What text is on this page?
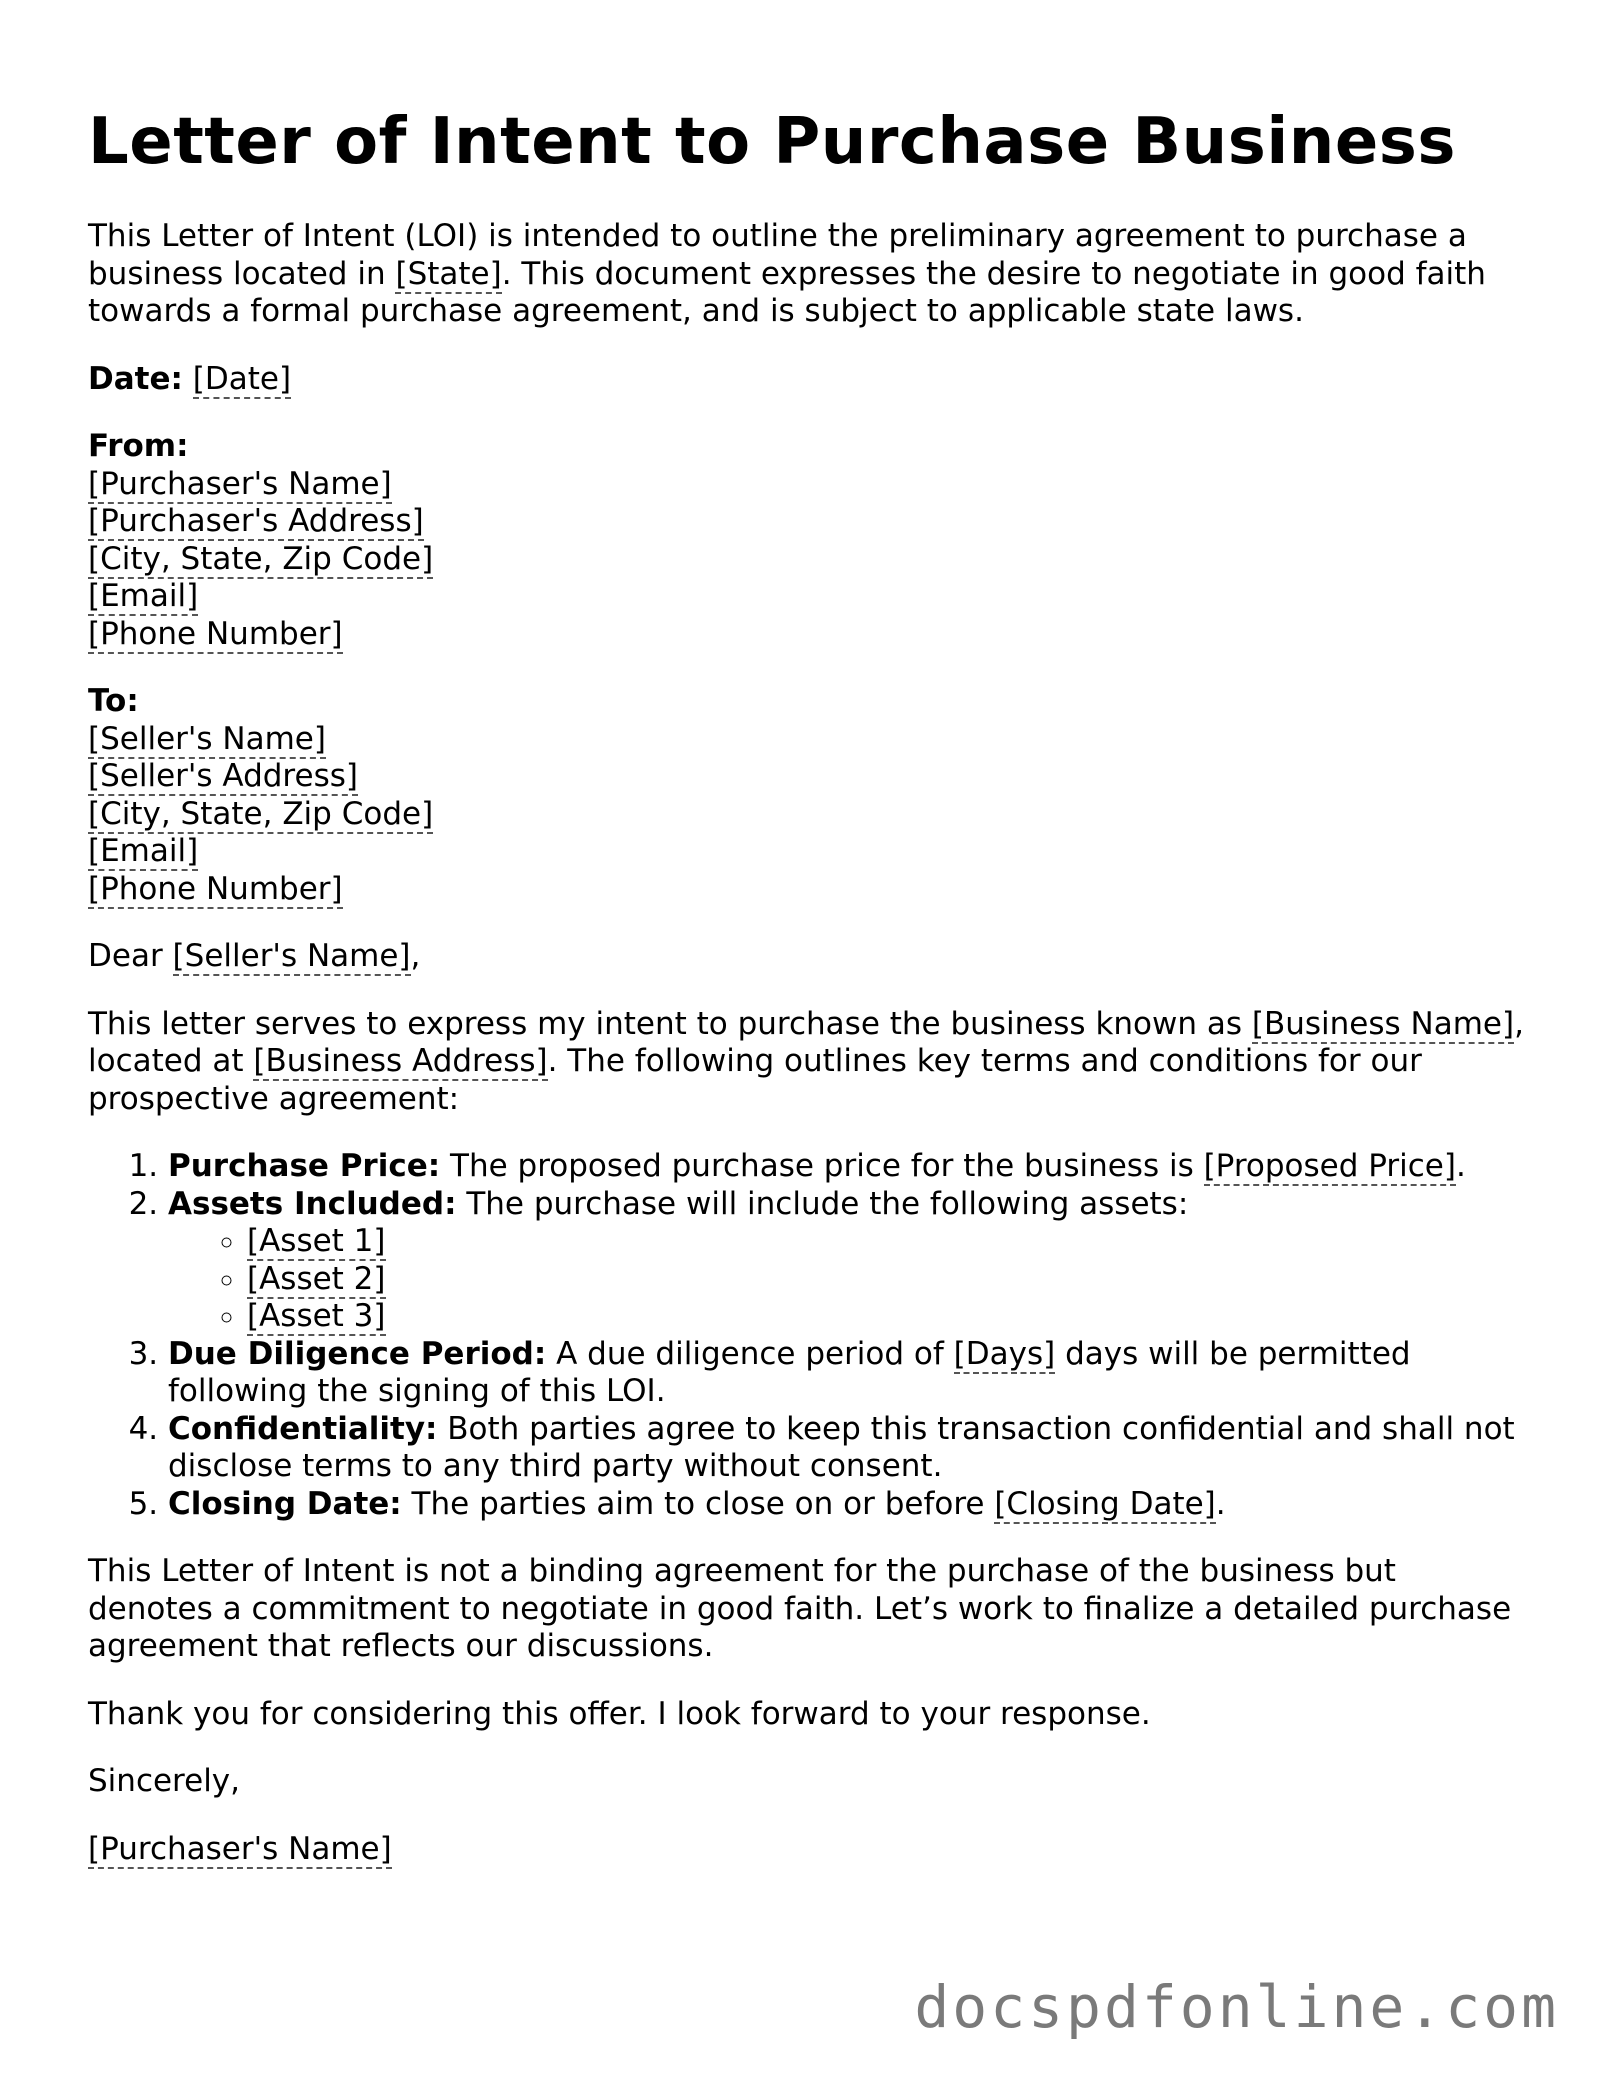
Letter of Intent to Purchase Business

This Letter of Intent (LOI) is intended to outline the preliminary agreement to purchase a business located in [State]. This document expresses the desire to negotiate in good faith towards a formal purchase agreement, and is subject to applicable state laws.

Date: [Date]

From:
[Purchaser's Name]
[Purchaser's Address]
[City, State, Zip Code]
[Email]
[Phone Number]
To:
[Seller's Name]
[Seller's Address]
[City, State, Zip Code]
[Email]
[Phone Number]

Dear [Seller's Name],

This letter serves to express my intent to purchase the business known as [Business Name], located at [Business Address]. The following outlines key terms and conditions for our prospective agreement:

1. Purchase Price: The proposed purchase price for the business is [Proposed Price].
2. Assets Included: The purchase will include the following assets:
◦ [Asset 1]
◦ [Asset 2]
◦ [Asset 3]
3. Due Diligence Period: A due diligence period of [Days] days will be permitted following the signing of this LOI.
4. Confidentiality: Both parties agree to keep this transaction confidential and shall not disclose terms to any third party without consent.
5. Closing Date: The parties aim to close on or before [Closing Date].

This Letter of Intent is not a binding agreement for the purchase of the business but denotes a commitment to negotiate in good faith. Let’s work to finalize a detailed purchase agreement that reflects our discussions.

Thank you for considering this offer. I look forward to your response.

Sincerely,

[Purchaser's Name]

docspdfonline.com
